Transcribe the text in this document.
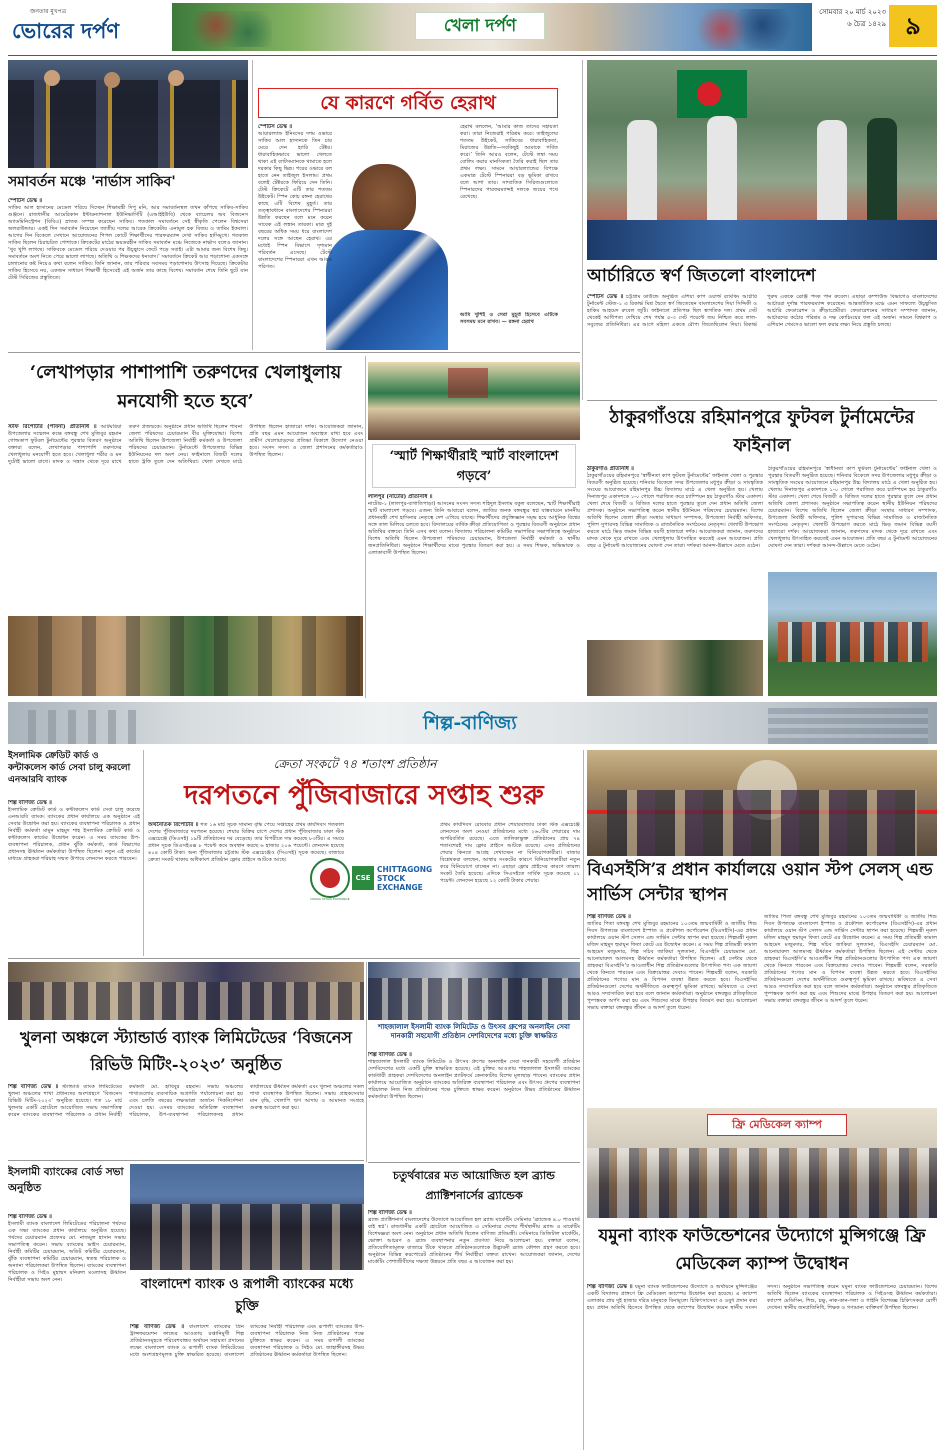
জনতার মুখপত্র
ভোরের দর্পণ	খেলা দর্পণ
সোমবার ২০ মার্চ ২০২৩
৬ চৈত্র ১৪২৯ ৯
সমাবর্তন মঞ্চে 'নার্ভাস সাকিব'
স্পোর্টস ডেস্ক ॥
সাকিব আল হাসানের মেডেল পরিয়ে দিচ্ছেন শিক্ষামন্ত্রী দিপু মনি, আর সমাবর্তনস্থল তখন কাঁপছে সাকিব-সাকিব গুঞ্জনে। রাজধানীর আমেরিকান ইন্টারন্যাশনাল ইউনিভার্সিটি (এআইইউবি) থেকে ব্যাচেলর অব বিজনেস অ্যাডমিনিস্ট্রেশন (বিবিএ) স্নাতক সম্পন্ন করেছেন সাকিব। গতকাল সমাবর্তনে সেই স্বীকৃতি পেলেন বিশ্বসেরা অলরাউন্ডার। একই দিন সমাবর্তন নিয়েছেন জাতীয় দলের আরেক ক্রিকেটার এনামুল হক বিজয় ও তামিম ইকবাল। আগের দিন বিকেলে সেখানে আয়োজনের পিপল কোর্টে শিক্ষার্থীদের পারফরম্যান্স দেখা সাকিব হাসিমুখে। গতকাল সাকিব ছিলেন চিরাচরিত পোশাকে। ক্রিকেটের মাঠের ভয়ডরহীন সাকিব সমাবর্তন মঞ্চে নিজেকে নার্ভাস বলেও জানান। ‘খুব খুশি লাগছে। সাকিবকে মেডেল পরিয়ে দেওয়ার পর উচ্ছ্বাসে ফেটে পড়ে সবাই। এটা আমার জন্য বিশেষ কিছু। সমাবর্তনে অংশ নিতে পেরে ভালো লাগছে। অতিথি ও শিক্ষকদের ধন্যবাদ।’ সমাবর্তনে ক্রিকেট আর পড়াশোনা একসঙ্গে চালানোর কষ্ট নিয়েও কথা বলেন সাকিব। তিনি জানান, তার পরিবার সবসময় পড়াশোনায় উৎসাহ দিয়েছে। ক্রিকেটার সাকিব হিসেবে নয়, একজন সাধারণ শিক্ষার্থী হিসেবেই এই অর্জন তার কাছে বিশেষ। সমাবর্তন শেষে তিনি ছুটে যান টেস্ট সিরিজের প্রস্তুতিতে।
যে কারণে গর্বিত হেরাথ
স্পোর্টস ডেস্ক ॥
আয়ারল্যান্ড ইনিংসের দশম ওভারে সাকিব আল হাসানকে তিন চার মেরে দেন হ্যারি টেক্টর। ধারাবাহিকভাবে ভালো খেলতে থাকা এই ব্যাটসম্যানকে থামাতে হলে দরকার কিছু ভিন্ন। পরের ওভারে বল হাতে নেন তাইজুল ইসলাম। প্রথম বলেই টেক্টরকে ফিরিয়ে দেন তিনি। টেস্ট ক্রিকেটে এটি তার শততম উইকেট। স্পিন কোচ রঙ্গনা হেরাথের কাছে এটি বিশেষ মুহূর্ত। তার তত্ত্বাবধানে বাংলাদেশের স্পিনাররা উন্নতি করছেন বলে মনে করেন সাবেক এই লঙ্কান তারকা। মাত্র দুই বছরের অধিক সময় ধরে বাংলাদেশ দলের সঙ্গে আছেন হেরাথ। এর মধ্যেই স্পিন বিভাগে দৃশ্যমান পরিবর্তন এসেছে। টেস্টে বাংলাদেশের স্পিনাররা এখন আরও পরিণত।
হেরাথ বললেন, ‘আমার কাজ তাদের সহায়তা করা। তারা নিজেরাই পরিশ্রম করে। তাইজুলের শততম উইকেট, সাকিবের ধারাবাহিকতা, মিরাজের উন্নতি—সবকিছুই আমাকে গর্বিত করে।’ তিনি আরও বলেন, টেস্টে লম্বা সময় বোলিং করার মানসিকতা তৈরি করাই ছিল তার প্রথম লক্ষ্য। সামনে আয়ারল্যান্ডের বিপক্ষে একমাত্র টেস্টে স্পিনাররা বড় ভূমিকা রাখবে বলে আশা তার। সাম্প্রতিক সিরিজগুলোতে স্পিনারদের পারফরম্যান্সই দলকে জয়ের পথে রেখেছে।
আমি খুশিই ও সেরা মুহূর্ত হিসেবে এটিকে সবসময় মনে রাখব। — রঙ্গনা হেরাথ
আর্চারিতে স্বর্ণ জিতলো বাংলাদেশ
স্পোর্টস ডেস্ক ॥ চট্টগ্রাম ডাউন্ডে অনুষ্ঠিত এশিয়া কাপ ওয়ার্ল্ড র‍্যাংকিং আর্চারি টুর্নামেন্ট স্টেজ-১ এ রিকার্ভ মিশ্র দ্বৈতে স্বর্ণ জিতেছেন বাংলাদেশের দিয়া সিদ্দিকী ও হাকিম আহমেদ রুবেল জুটি। ফাইনালে প্রতিপক্ষ ছিল স্বাগতিক দল। প্রথম সেট থেকেই আধিপত্য দেখিয়ে শেষ পর্যন্ত ৫-৩ সেট পয়েন্টে জয় নিশ্চিত করে লাল-সবুজের প্রতিনিধিরা। এর আগে মহিলা এককে রৌপ্য জিতেছিলেন দিয়া। রিকার্ভ পুরুষ এককে ব্রোঞ্জ পদক পান রুবেল। এছাড়া কম্পাউন্ড বিভাগেও বাংলাদেশের আর্চাররা দুর্দান্ত পারফরম্যান্স করেছেন। আন্তর্জাতিক মঞ্চে এমন সাফল্যে উচ্ছ্বসিত আর্চারি ফেডারেশন ও ক্রীড়াপ্রেমীরা। ফেডারেশনের সাধারণ সম্পাদক জানান, আর্চারদের কঠোর পরিশ্রম ও দক্ষ কোচিংয়ের ফল এই অর্জন। সামনে বিশ্বকাপ ও এশিয়ান গেমসেও ভালো ফল করার লক্ষ্য নিয়ে প্রস্তুতি চলছে।
‘লেখাপড়ার পাশাপাশি তরুণদের খেলাধুলায় মনযোগী হতে হবে’
স্টাফ রিপোর্টার (পাবনা) প্রতিনিধি ॥ আটঘরিয়া উপজেলার সম্মেলন কক্ষে বঙ্গবন্ধু শেখ মুজিবুর রহমান গোল্ডকাপ ফুটবল টুর্নামেন্টের পুরস্কার বিতরণ অনুষ্ঠানে বক্তারা বলেন, লেখাপড়ার পাশাপাশি তরুণদের খেলাধুলায় মনযোগী হতে হবে। খেলাধুলা শরীর ও মন দুটোই ভালো রাখে। মাদক ও সন্ত্রাস থেকে দূরে রাখে তরুণ প্রজন্মকে। অনুষ্ঠানে প্রধান অতিথি ছিলেন পাবনা জেলা পরিষদের চেয়ারম্যান বীর মুক্তিযোদ্ধা। বিশেষ অতিথি ছিলেন উপজেলা নির্বাহী কর্মকর্তা ও উপজেলা পরিষদের চেয়ারম্যান। টুর্নামেন্টে উপজেলার বিভিন্ন ইউনিয়নের দল অংশ নেয়। ফাইনালে বিজয়ী দলের হাতে ট্রফি তুলে দেন অতিথিরা। খেলা দেখতে মাঠে উপস্থিত ছিলেন হাজারো দর্শক। আয়োজকরা জানান, প্রতি বছর এমন আয়োজন অব্যাহত রাখা হবে এবং গ্রামীণ খেলোয়াড়দের প্রতিভা বিকাশে উদ্যোগ নেওয়া হবে। সংসদ সদস্য ও জেলা প্রশাসনের কর্মকর্তারাও উপস্থিত ছিলেন।	‘স্মার্ট শিক্ষার্থীরাই স্মার্ট বাংলাদেশ গড়বে’
লালপুর (নাটোর) প্রতিনিধি ॥
নাটোর-১ (লালপুর-বাগাতিপাড়া) আসনের সংসদ সদস্য শহিদুল ইসলাম বকুল বলেছেন, স্মার্ট শিক্ষার্থীরাই স্মার্ট বাংলাদেশ গড়বে। এজন্য তিনি আবারো বলেন, জাতির জনক বঙ্গবন্ধুর স্বপ্ন বাস্তবায়নে মাননীয় প্রধানমন্ত্রী শেখ হাসিনার নেতৃত্বে দেশ এগিয়ে যাচ্ছে। শিক্ষার্থীদের প্রযুক্তিজ্ঞান সমৃদ্ধ হয়ে আধুনিক বিশ্বের সঙ্গে তাল মিলিয়ে চলতে হবে। বিদ্যালয়ের বার্ষিক ক্রীড়া প্রতিযোগিতা ও পুরস্কার বিতরণী অনুষ্ঠানে প্রধান অতিথির বক্তব্যে তিনি এসব কথা বলেন। বিদ্যালয় পরিচালনা কমিটির সভাপতির সভাপতিত্বে অনুষ্ঠানে বিশেষ অতিথি ছিলেন উপজেলা পরিষদের চেয়ারম্যান, উপজেলা নির্বাহী কর্মকর্তা ও স্থানীয় জনপ্রতিনিধিরা। অনুষ্ঠানে শিক্ষার্থীদের মাঝে পুরস্কার বিতরণ করা হয়। এ সময় শিক্ষক, অভিভাবক ও এলাকাবাসী উপস্থিত ছিলেন।
ঠাকুরগাঁওয়ে রহিমানপুরে ফুটবল টুর্নামেন্টের ফাইনাল
ঠাকুরগাঁও প্রতিনিধি ॥
ঠাকুরগাঁওয়ের রহিমানপুরে ‘স্বাধীনতা কাপ ফুটবল টুর্নামেন্টের’ ফাইনাল খেলা ও পুরস্কার বিতরণী অনুষ্ঠিত হয়েছে। শনিবার বিকেলে সদর উপজেলার মধুপুর ক্রীড়া ও সাংস্কৃতিক সংঘের আয়োজনে রহিমানপুর উচ্চ বিদ্যালয় মাঠে এ খেলা অনুষ্ঠিত হয়। খেলায় দিনাজপুর একাদশকে ১-০ গোলে পরাজিত করে চ্যাম্পিয়ন হয় ঠাকুরগাঁও স্টার একাদশ। খেলা শেষে বিজয়ী ও বিজিত দলের হাতে পুরস্কার তুলে দেন প্রধান অতিথি জেলা প্রশাসক। অনুষ্ঠানে সভাপতিত্ব করেন স্থানীয় ইউনিয়ন পরিষদের চেয়ারম্যান। বিশেষ অতিথি ছিলেন জেলা ক্রীড়া সংস্থার সাধারণ সম্পাদক, উপজেলা নির্বাহী অফিসার, পুলিশ সুপারসহ বিভিন্ন সামাজিক ও রাজনৈতিক সংগঠনের নেতৃবৃন্দ। খেলাটি উপভোগ করতে মাঠে ভিড় জমান বিভিন্ন বয়সী হাজারো দর্শক। আয়োজকরা জানান, তরুণদের মাদক থেকে দূরে রাখতে এবং খেলাধুলায় উৎসাহিত করতেই এমন আয়োজন। প্রতি বছর এ টুর্নামেন্ট আয়োজনের ঘোষণা দেন তারা। দর্শকরা আনন্দ-উল্লাসে মেতে ওঠেন।
ঠাকুরগাঁওয়ের রহিমানপুরে ‘স্বাধীনতা কাপ ফুটবল টুর্নামেন্টের’ ফাইনাল খেলা ও পুরস্কার বিতরণী অনুষ্ঠিত হয়েছে। শনিবার বিকেলে সদর উপজেলার মধুপুর ক্রীড়া ও সাংস্কৃতিক সংঘের আয়োজনে রহিমানপুর উচ্চ বিদ্যালয় মাঠে এ খেলা অনুষ্ঠিত হয়। খেলায় দিনাজপুর একাদশকে ১-০ গোলে পরাজিত করে চ্যাম্পিয়ন হয় ঠাকুরগাঁও স্টার একাদশ। খেলা শেষে বিজয়ী ও বিজিত দলের হাতে পুরস্কার তুলে দেন প্রধান অতিথি জেলা প্রশাসক। অনুষ্ঠানে সভাপতিত্ব করেন স্থানীয় ইউনিয়ন পরিষদের চেয়ারম্যান। বিশেষ অতিথি ছিলেন জেলা ক্রীড়া সংস্থার সাধারণ সম্পাদক, উপজেলা নির্বাহী অফিসার, পুলিশ সুপারসহ বিভিন্ন সামাজিক ও রাজনৈতিক সংগঠনের নেতৃবৃন্দ। খেলাটি উপভোগ করতে মাঠে ভিড় জমান বিভিন্ন বয়সী হাজারো দর্শক। আয়োজকরা জানান, তরুণদের মাদক থেকে দূরে রাখতে এবং খেলাধুলায় উৎসাহিত করতেই এমন আয়োজন। প্রতি বছর এ টুর্নামেন্ট আয়োজনের ঘোষণা দেন তারা। দর্শকরা আনন্দ-উল্লাসে মেতে ওঠেন।
শিল্প-বাণিজ্য
ইসলামিক ক্রেডিট কার্ড ও কন্টাকলেস কার্ড সেবা চালু করলো এনআরবি ব্যাংক
শিল্প বাণিজ্য ডেস্ক ॥
ইসলামিক ক্রেডিট কার্ড ও কন্টাকলেস কার্ড সেবা চালু করেছে এনআরবি ব্যাংক। ব্যাংকের প্রধান কার্যালয়ে এক অনুষ্ঠানে এই সেবার উদ্বোধন করা হয়। ব্যাংকের ব্যবস্থাপনা পরিচালক ও প্রধান নির্বাহী কর্মকর্তা মামুন মাহমুদ শাহ ইসলামিক ক্রেডিট কার্ড ও কন্টাকলেস কার্ডের উদ্বোধন করেন। এ সময় ব্যাংকের উপ-ব্যবস্থাপনা পরিচালক, প্রধান ঝুঁকি কর্মকর্তা, কার্ড বিভাগের প্রধানসহ ঊর্ধ্বতন কর্মকর্তারা উপস্থিত ছিলেন। নতুন এই কার্ডের মাধ্যমে গ্রাহকরা শরিয়াহ সম্মত উপায়ে লেনদেন করতে পারবেন।
ক্রেতা সংকটে ৭৪ শতাংশ প্রতিষ্ঠান
দরপতনে পুঁজিবাজারে সপ্তাহ শুরু
অর্থনৈতিক রিপোর্টার ॥ গত ১৬ মার্চ সূচক সামান্য বৃদ্ধি পেয়ে সপ্তাহের প্রথম কার্যদিবস গতকাল দেশের পুঁজিবাজারে দরপতন হয়েছে। শেয়ার বিক্রির চাপে দেশের প্রধান পুঁজিবাজার ঢাকা স্টক এক্সচেঞ্জে (ডিএসই) ১৯টি প্রতিষ্ঠানের দর বেড়েছে। তার বিপরীতে দাম কমেছে ৮৩টির। এ সময়ে প্রধান সূচক ডিএসইএক্স ৮ পয়েন্ট কমে অবস্থান করছে ৬ হাজার ২০৬ পয়েন্টে। লেনদেন হয়েছে ৪০৪ কোটি টাকা। অন্য পুঁজিবাজার চট্টগ্রাম স্টক এক্সচেঞ্জেও (সিএসই) সূচক কমেছে। বাজারে ক্রেতা সংকট থাকায় অধিকাংশ প্রতিষ্ঠান ফ্লোর প্রাইসে আটকে আছে।
DHAKA STOCK EXCHANGE
CSE
CHITTAGONG
STOCK
EXCHANGE
প্রথম কার্যদিবস রোববার প্রধান শেয়ারবাজার ঢাকা স্টক এক্সচেঞ্জে লেনদেনে অংশ নেওয়া প্রতিষ্ঠানের মধ্যে ২৬০টির শেয়ারের দাম অপরিবর্তিত রয়েছে। এতে তালিকাভুক্ত প্রতিষ্ঠানের প্রায় ৭৪ শতাংশেরই দাম ফ্লোর প্রাইসে আটকে রয়েছে। এসব প্রতিষ্ঠানের শেয়ার কিনতে আগ্রহ দেখাচ্ছেন না বিনিয়োগকারীরা। বাজার বিশ্লেষকরা বলছেন, আস্থার সংকটের কারণে বিনিয়োগকারীরা নতুন করে বিনিয়োগে যাচ্ছেন না। এছাড়া ফ্লোর প্রাইসের কারণে তারল্য সংকট তৈরি হয়েছে। এদিকে সিএসইতে সার্বিক সূচক কমেছে ১১ পয়েন্ট। লেনদেন হয়েছে ১২ কোটি টাকার শেয়ার।
বিএসইসি’র প্রধান কার্যালয়ে ওয়ান স্টপ সেলস্ এন্ড সার্ভিস সেন্টার স্থাপন
শিল্প বাণিজ্য ডেস্ক ॥
জাতির পিতা বঙ্গবন্ধু শেখ মুজিবুর রহমানের ১০৩তম জন্মবার্ষিকী ও জাতীয় শিশু দিবস উপলক্ষে বাংলাদেশ ইস্পাত ও প্রকৌশল কর্পোরেশন (বিএসইসি)-এর প্রধান কার্যালয়ে ওয়ান স্টপ সেলস এন্ড সার্ভিস সেন্টার স্থাপন করা হয়েছে। শিল্পমন্ত্রী নূরুল মজিদ মাহমুদ হুমায়ূন ফিতা কেটে এর উদ্বোধন করেন। এ সময় শিল্প প্রতিমন্ত্রী কামাল আহমেদ মজুমদার, শিল্প সচিব জাকিয়া সুলতানা, বিএসইসি চেয়ারম্যান মো. আনোয়ারুল আলমসহ ঊর্ধ্বতন কর্মকর্তারা উপস্থিত ছিলেন। এই সেন্টার থেকে গ্রাহকরা বিএসইসি’র আওতাধীন শিল্প প্রতিষ্ঠানগুলোর উৎপাদিত পণ্য এক জায়গা থেকে কিনতে পারবেন এবং বিক্রয়োত্তর সেবাও পাবেন। শিল্পমন্ত্রী বলেন, সরকারি প্রতিষ্ঠানের পণ্যের মান ও বিপণন ব্যবস্থা উন্নত করতে হবে। বিএসইসির প্রতিষ্ঠানগুলো দেশের অর্থনীতিতে গুরুত্বপূর্ণ ভূমিকা রাখছে। ভবিষ্যতে এ সেবা আরও সম্প্রসারিত করা হবে বলে জানান কর্মকর্তারা। অনুষ্ঠানে বঙ্গবন্ধুর প্রতিকৃতিতে পুষ্পস্তবক অর্পণ করা হয় এবং শিশুদের মাঝে উপহার বিতরণ করা হয়। আলোচনা সভায় বক্তারা বঙ্গবন্ধুর জীবন ও আদর্শ তুলে ধরেন।
জাতির পিতা বঙ্গবন্ধু শেখ মুজিবুর রহমানের ১০৩তম জন্মবার্ষিকী ও জাতীয় শিশু দিবস উপলক্ষে বাংলাদেশ ইস্পাত ও প্রকৌশল কর্পোরেশন (বিএসইসি)-এর প্রধান কার্যালয়ে ওয়ান স্টপ সেলস এন্ড সার্ভিস সেন্টার স্থাপন করা হয়েছে। শিল্পমন্ত্রী নূরুল মজিদ মাহমুদ হুমায়ূন ফিতা কেটে এর উদ্বোধন করেন। এ সময় শিল্প প্রতিমন্ত্রী কামাল আহমেদ মজুমদার, শিল্প সচিব জাকিয়া সুলতানা, বিএসইসি চেয়ারম্যান মো. আনোয়ারুল আলমসহ ঊর্ধ্বতন কর্মকর্তারা উপস্থিত ছিলেন। এই সেন্টার থেকে গ্রাহকরা বিএসইসি’র আওতাধীন শিল্প প্রতিষ্ঠানগুলোর উৎপাদিত পণ্য এক জায়গা থেকে কিনতে পারবেন এবং বিক্রয়োত্তর সেবাও পাবেন। শিল্পমন্ত্রী বলেন, সরকারি প্রতিষ্ঠানের পণ্যের মান ও বিপণন ব্যবস্থা উন্নত করতে হবে। বিএসইসির প্রতিষ্ঠানগুলো দেশের অর্থনীতিতে গুরুত্বপূর্ণ ভূমিকা রাখছে। ভবিষ্যতে এ সেবা আরও সম্প্রসারিত করা হবে বলে জানান কর্মকর্তারা। অনুষ্ঠানে বঙ্গবন্ধুর প্রতিকৃতিতে পুষ্পস্তবক অর্পণ করা হয় এবং শিশুদের মাঝে উপহার বিতরণ করা হয়। আলোচনা সভায় বক্তারা বঙ্গবন্ধুর জীবন ও আদর্শ তুলে ধরেন।
খুলনা অঞ্চলে স্ট্যান্ডার্ড ব্যাংক লিমিটেডের ‘বিজনেস রিভিউ মিটিং-২০২৩’ অনুষ্ঠিত
শিল্প বাণিজ্য ডেস্ক ॥ স্ট্যান্ডার্ড ব্যাংক লিমিটেডের খুলনা অঞ্চলের শাখা প্রধানদের অংশগ্রহণে ‘বিজনেস রিভিউ মিটিং-২০২৩’ অনুষ্ঠিত হয়েছে। গত ১৮ মার্চ খুলনার একটি হোটেলে আয়োজিত সভায় সভাপতিত্ব করেন ব্যাংকের ব্যবস্থাপনা পরিচালক ও প্রধান নির্বাহী কর্মকর্তা মো. হাবিবুর রহমান। সভায় অঞ্চলের শাখাগুলোর ব্যবসায়িক অগ্রগতি পর্যালোচনা করা হয় এবং চলতি বছরের লক্ষ্যমাত্রা অর্জনে দিকনির্দেশনা দেওয়া হয়। এসময় ব্যাংকের অতিরিক্ত ব্যবস্থাপনা পরিচালক, উপ-ব্যবস্থাপনা পরিচালকসহ প্রধান কার্যালয়ের ঊর্ধ্বতন কর্মকর্তা এবং খুলনা অঞ্চলের সকল শাখা ব্যবস্থাপক উপস্থিত ছিলেন। সভায় গ্রাহকসেবার মান বৃদ্ধি, খেলাপি ঋণ আদায় ও আমানত সংগ্রহে গুরুত্ব আরোপ করা হয়।
শাহজালাল ইসলামী ব্যাংক লিমিটেড ও উৎসব গ্রুপের অনলাইন সেবা দানকারী সহযোগী প্রতিষ্ঠান দেশবিদেশের মধ্যে চুক্তি স্বাক্ষরিত
শিল্প বাণিজ্য ডেস্ক ॥
শাহজালাল ইসলামী ব্যাংক লিমিটেড ও উৎসব গ্রুপের অনলাইন সেবা দানকারী সহযোগী প্রতিষ্ঠান দেশবিদেশের মধ্যে একটি চুক্তি স্বাক্ষরিত হয়েছে। এই চুক্তির আওতায় শাহজালাল ইসলামী ব্যাংকের কার্ডধারী গ্রাহকরা দেশবিদেশের অনলাইন প্ল্যাটফর্মে কেনাকাটায় বিশেষ মূল্যছাড় পাবেন। ব্যাংকের প্রধান কার্যালয়ে আয়োজিত অনুষ্ঠানে ব্যাংকের অতিরিক্ত ব্যবস্থাপনা পরিচালক এবং উৎসব গ্রুপের ব্যবস্থাপনা পরিচালক নিজ নিজ প্রতিষ্ঠানের পক্ষে চুক্তিতে স্বাক্ষর করেন। অনুষ্ঠানে উভয় প্রতিষ্ঠানের ঊর্ধ্বতন কর্মকর্তারা উপস্থিত ছিলেন।
ইসলামী ব্যাংকের বোর্ড সভা অনুষ্ঠিত
শিল্প বাণিজ্য ডেস্ক ॥
ইসলামী ব্যাংক বাংলাদেশ লিমিটেডের পরিচালনা পর্ষদের এক সভা ব্যাংকের প্রধান কার্যালয়ে অনুষ্ঠিত হয়েছে। পর্ষদের চেয়ারম্যান প্রফেসর মো. নাজমুল হাসান সভায় সভাপতিত্ব করেন। সভায় ব্যাংকের ভাইস চেয়ারম্যান, নির্বাহী কমিটির চেয়ারম্যান, অডিট কমিটির চেয়ারম্যান, ঝুঁকি ব্যবস্থাপনা কমিটির চেয়ারম্যান, স্বতন্ত্র পরিচালক ও অন্যান্য পরিচালকরা উপস্থিত ছিলেন। ব্যাংকের ব্যবস্থাপনা পরিচালক ও সিইও মুহাম্মদ মনিরুল মওলাসহ ঊর্ধ্বতন নির্বাহীরা সভায় অংশ নেন।	বাংলাদেশ ব্যাংক ও রূপালী ব্যাংকের মধ্যে চুক্তি
শিল্প বাণিজ্য ডেস্ক ॥ বাংলাদেশ ব্যাংকের গ্রিন ট্রান্সফরমেশন ফান্ডের আওতায় রপ্তানিমুখী শিল্প প্রতিষ্ঠানসমূহকে পরিবেশবান্ধব অর্থায়ন সহায়তা প্রদানের লক্ষ্যে বাংলাদেশ ব্যাংক ও রূপালী ব্যাংক লিমিটেডের মধ্যে অংশগ্রহণমূলক চুক্তি স্বাক্ষরিত হয়েছে। বাংলাদেশ ব্যাংকের নির্বাহী পরিচালক এবং রূপালী ব্যাংকের উপ-ব্যবস্থাপনা পরিচালক নিজ নিজ প্রতিষ্ঠানের পক্ষে চুক্তিতে স্বাক্ষর করেন। এ সময় রূপালী ব্যাংকের ব্যবস্থাপনা পরিচালক ও সিইও মো. জাহাঙ্গীরসহ উভয় প্রতিষ্ঠানের ঊর্ধ্বতন কর্মকর্তারা উপস্থিত ছিলেন।
চতুর্থবারের মত আয়োজিত হল ব্র্যান্ড প্র্যাক্টিশনার্সের ব্র্যান্ডেক
শিল্প বাণিজ্য ডেস্ক ॥
ব্র্যান্ড প্র্যাক্টিশনার্স বাংলাদেশের উদ্যোগে আয়োজিত হল ব্র্যান্ড মার্কেটিং সেমিনার ‘ব্র্যান্ডেক ৪.০ পাওয়ার্ড বাই স্বপ্ন’। রাজধানীর একটি হোটেলে আয়োজিত এ সেমিনারে দেশের শীর্ষস্থানীয় ব্র্যান্ড ও মার্কেটিং বিশেষজ্ঞরা অংশ নেন। অনুষ্ঠানে প্রধান অতিথি ছিলেন বাণিজ্য প্রতিমন্ত্রী। সেমিনারে ডিজিটাল মার্কেটিং, ভোক্তা আচরণ ও ব্র্যান্ড ব্যবস্থাপনার নতুন প্রবণতা নিয়ে আলোচনা হয়। বক্তারা বলেন, প্রতিযোগিতামূলক বাজারে টিকে থাকতে প্রতিষ্ঠানগুলোকে উদ্ভাবনী ব্র্যান্ড কৌশল গ্রহণ করতে হবে। অনুষ্ঠানে বিভিন্ন করপোরেট প্রতিষ্ঠানের শীর্ষ নির্বাহীরা বক্তব্য রাখেন। আয়োজকরা জানান, দেশের মার্কেটিং পেশাজীবীদের দক্ষতা উন্নয়নে প্রতি বছর এ আয়োজন করা হয়।
ফ্রি মেডিকেল ক্যাম্প
যমুনা ব্যাংক ফাউন্ডেশনের উদ্যোগে মুন্সিগঞ্জে ফ্রি মেডিকেল ক্যাম্প উদ্বোধন
শিল্প বাণিজ্য ডেস্ক ॥ যমুনা ব্যাংক ফাউন্ডেশনের উদ্যোগে ও অর্থায়নে মুন্সিগঞ্জের একটি বিদ্যালয় প্রাঙ্গণে ফ্রি মেডিকেল ক্যাম্পের উদ্বোধন করা হয়েছে। এ ক্যাম্পে এলাকার প্রায় দুই হাজার দরিদ্র মানুষকে বিনামূল্যে চিকিৎসাসেবা ও ওষুধ প্রদান করা হয়। প্রধান অতিথি হিসেবে উপস্থিত থেকে ক্যাম্পের উদ্বোধন করেন স্থানীয় সংসদ সদস্য। অনুষ্ঠানে সভাপতিত্ব করেন যমুনা ব্যাংক ফাউন্ডেশনের চেয়ারম্যান। বিশেষ অতিথি ছিলেন ব্যাংকের ব্যবস্থাপনা পরিচালক ও সিইওসহ ঊর্ধ্বতন কর্মকর্তারা। ক্যাম্পে মেডিসিন, শিশু, চক্ষু, নাক-কান-গলা ও গাইনি বিশেষজ্ঞ চিকিৎসকরা রোগী দেখেন। স্থানীয় জনপ্রতিনিধি, শিক্ষক ও গণ্যমান্য ব্যক্তিবর্গ উপস্থিত ছিলেন।
